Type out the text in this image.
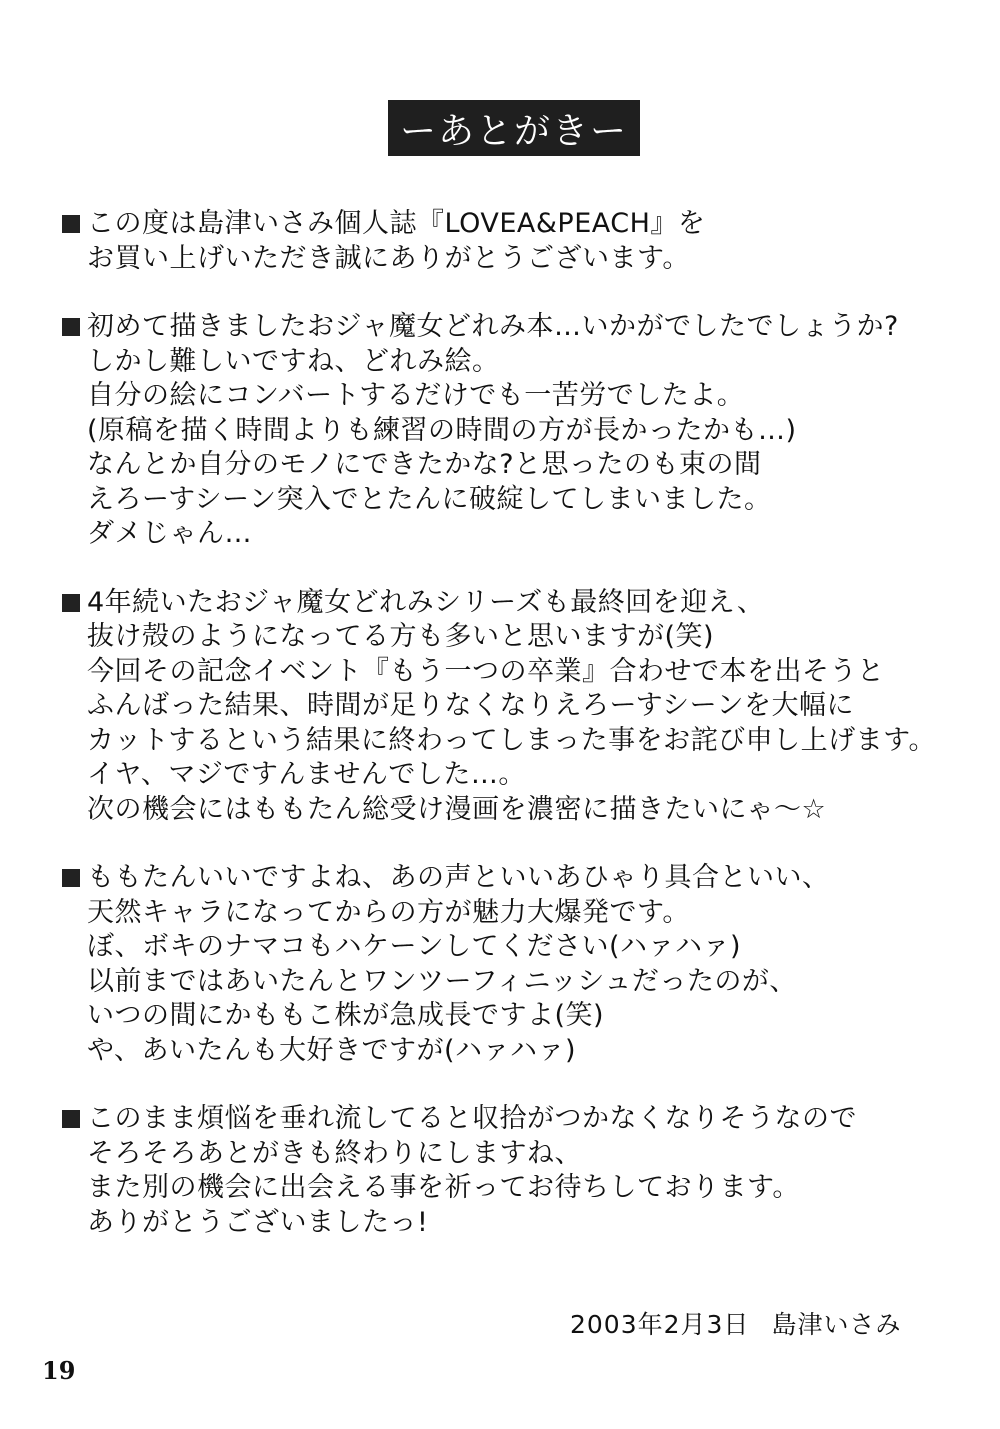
ーあとがきー
この度は島津いさみ個人誌『LOVEA&PEACH』を
お買い上げいただき誠にありがとうございます。
初めて描きましたおジャ魔女どれみ本…いかがでしたでしょうか?
しかし難しいですね、どれみ絵。
自分の絵にコンバートするだけでも一苦労でしたよ。
(原稿を描く時間よりも練習の時間の方が長かったかも…)
なんとか自分のモノにできたかな?と思ったのも束の間
えろーすシーン突入でとたんに破綻してしまいました。
ダメじゃん…
4年続いたおジャ魔女どれみシリーズも最終回を迎え、
抜け殻のようになってる方も多いと思いますが(笑)
今回その記念イベント『もう一つの卒業』合わせで本を出そうと
ふんばった結果、時間が足りなくなりえろーすシーンを大幅に
カットするという結果に終わってしまった事をお詫び申し上げます。
イヤ、マジですんませんでした…。
次の機会にはももたん総受け漫画を濃密に描きたいにゃ〜☆
ももたんいいですよね、あの声といいあひゃり具合といい、
天然キャラになってからの方が魅力大爆発です。
ぼ、ボキのナマコもハケーンしてください(ハァハァ)
以前まではあいたんとワンツーフィニッシュだったのが、
いつの間にかももこ株が急成長ですよ(笑)
や、あいたんも大好きですが(ハァハァ)
このまま煩悩を垂れ流してると収拾がつかなくなりそうなので
そろそろあとがきも終わりにしますね、
また別の機会に出会える事を祈ってお待ちしております。
ありがとうございましたっ!
2003年2月3日 島津いさみ
19
